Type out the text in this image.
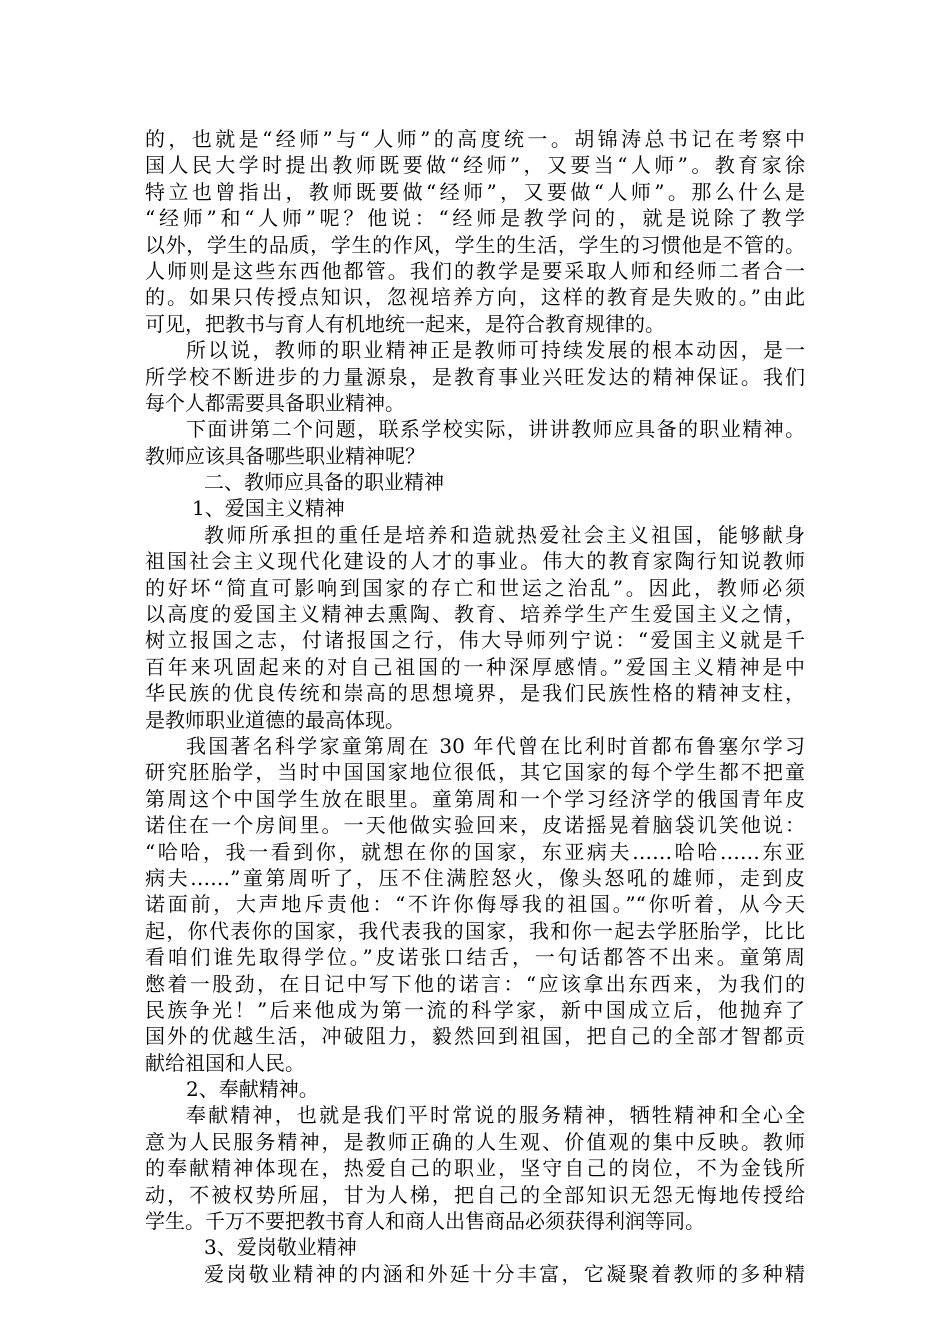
的，也就是“经师”与“人师”的高度统一。胡锦涛总书记在考察中
国人民大学时提出教师既要做“经师”，又要当“人师”。教育家徐
特立也曾指出，教师既要做“经师”，又要做“人师”。那么什么是
“经师”和“人师”呢？他说：“经师是教学问的，就是说除了教学
以外，学生的品质，学生的作风，学生的生活，学生的习惯他是不管的。
人师则是这些东西他都管。我们的教学是要采取人师和经师二者合一
的。如果只传授点知识，忽视培养方向，这样的教育是失败的。”由此
可见，把教书与育人有机地统一起来，是符合教育规律的。
所以说，教师的职业精神正是教师可持续发展的根本动因，是一
所学校不断进步的力量源泉，是教育事业兴旺发达的精神保证。我们
每个人都需要具备职业精神。
下面讲第二个问题，联系学校实际，讲讲教师应具备的职业精神。
教师应该具备哪些职业精神呢？
二、教师应具备的职业精神
1、爱国主义精神
教师所承担的重任是培养和造就热爱社会主义祖国，能够献身
祖国社会主义现代化建设的人才的事业。伟大的教育家陶行知说教师
的好坏“简直可影响到国家的存亡和世运之治乱”。因此，教师必须
以高度的爱国主义精神去熏陶、教育、培养学生产生爱国主义之情，
树立报国之志，付诸报国之行，伟大导师列宁说：“爱国主义就是千
百年来巩固起来的对自己祖国的一种深厚感情。”爱国主义精神是中
华民族的优良传统和崇高的思想境界，是我们民族性格的精神支柱，
是教师职业道德的最高体现。
我国著名科学家童第周在 30 年代曾在比利时首都布鲁塞尔学习
研究胚胎学，当时中国国家地位很低，其它国家的每个学生都不把童
第周这个中国学生放在眼里。童第周和一个学习经济学的俄国青年皮
诺住在一个房间里。一天他做实验回来，皮诺摇晃着脑袋讥笑他说：
“哈哈，我一看到你，就想在你的国家，东亚病夫……哈哈……东亚
病夫……”童第周听了，压不住满腔怒火，像头怒吼的雄师，走到皮
诺面前，大声地斥责他：“不许你侮辱我的祖国。”“你听着，从今天
起，你代表你的国家，我代表我的国家，我和你一起去学胚胎学，比比
看咱们谁先取得学位。”皮诺张口结舌，一句话都答不出来。童第周
憋着一股劲，在日记中写下他的诺言：“应该拿出东西来，为我们的
民族争光！”后来他成为第一流的科学家，新中国成立后，他抛弃了
国外的优越生活，冲破阻力，毅然回到祖国，把自己的全部才智都贡
献给祖国和人民。
2、奉献精神。
奉献精神，也就是我们平时常说的服务精神，牺牲精神和全心全
意为人民服务精神，是教师正确的人生观、价值观的集中反映。教师
的奉献精神体现在，热爱自己的职业，坚守自己的岗位，不为金钱所
动，不被权势所屈，甘为人梯，把自己的全部知识无怨无悔地传授给
学生。千万不要把教书育人和商人出售商品必须获得利润等同。
3、爱岗敬业精神
爱岗敬业精神的内涵和外延十分丰富，它凝聚着教师的多种精
